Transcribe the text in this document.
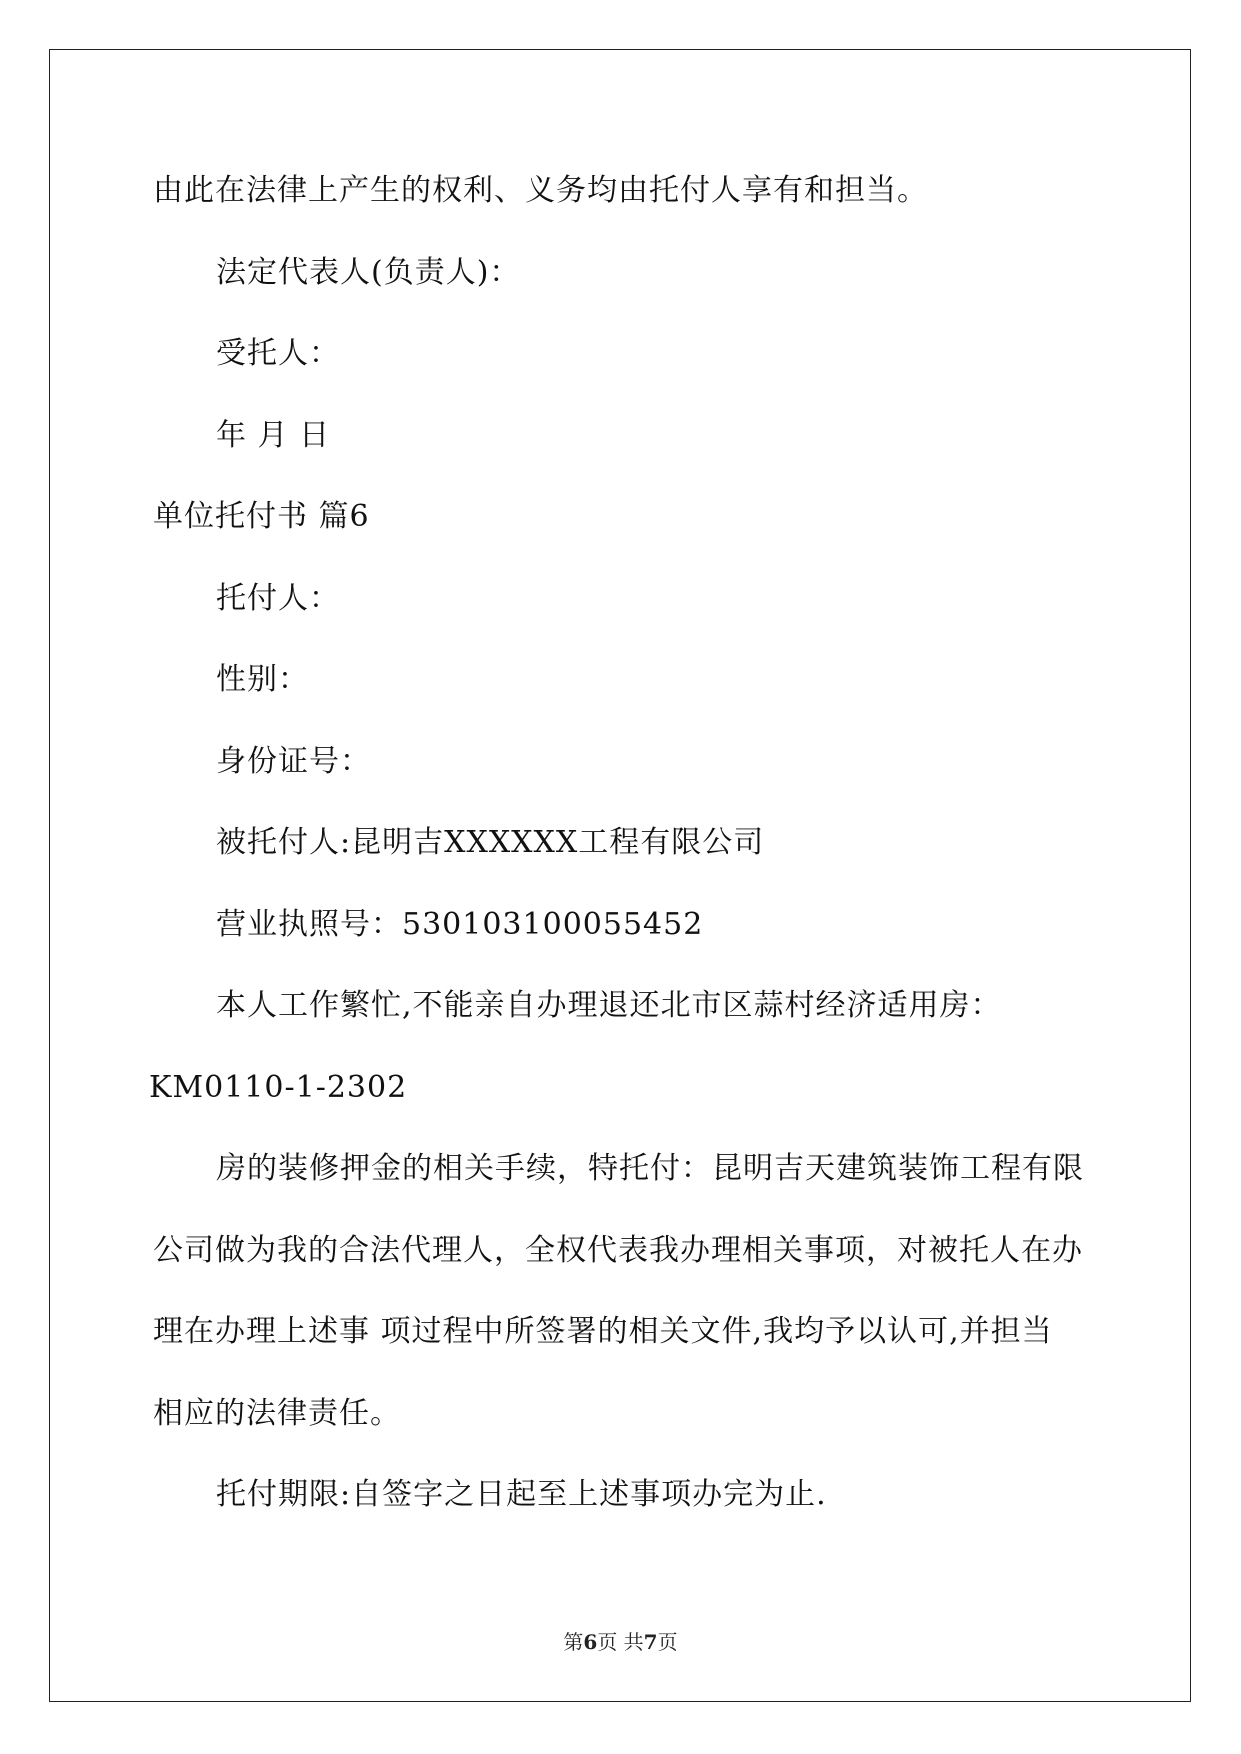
由此在法律上产生的权利、义务均由托付人享有和担当。
法定代表人(负责人)：
受托人：
年 月 日
单位托付书 篇6
托付人：
性别：
身份证号：
被托付人:昆明吉XXXXXX工程有限公司
营业执照号：530103100055452
本人工作繁忙,不能亲自办理退还北市区蒜村经济适用房：
KM0110-1-2302
房的装修押金的相关手续，特托付：昆明吉天建筑装饰工程有限
公司做为我的合法代理人，全权代表我办理相关事项，对被托人在办
理在办理上述事 项过程中所签署的相关文件,我均予以认可,并担当
相应的法律责任。
托付期限:自签字之日起至上述事项办完为止.
第6页 共7页
